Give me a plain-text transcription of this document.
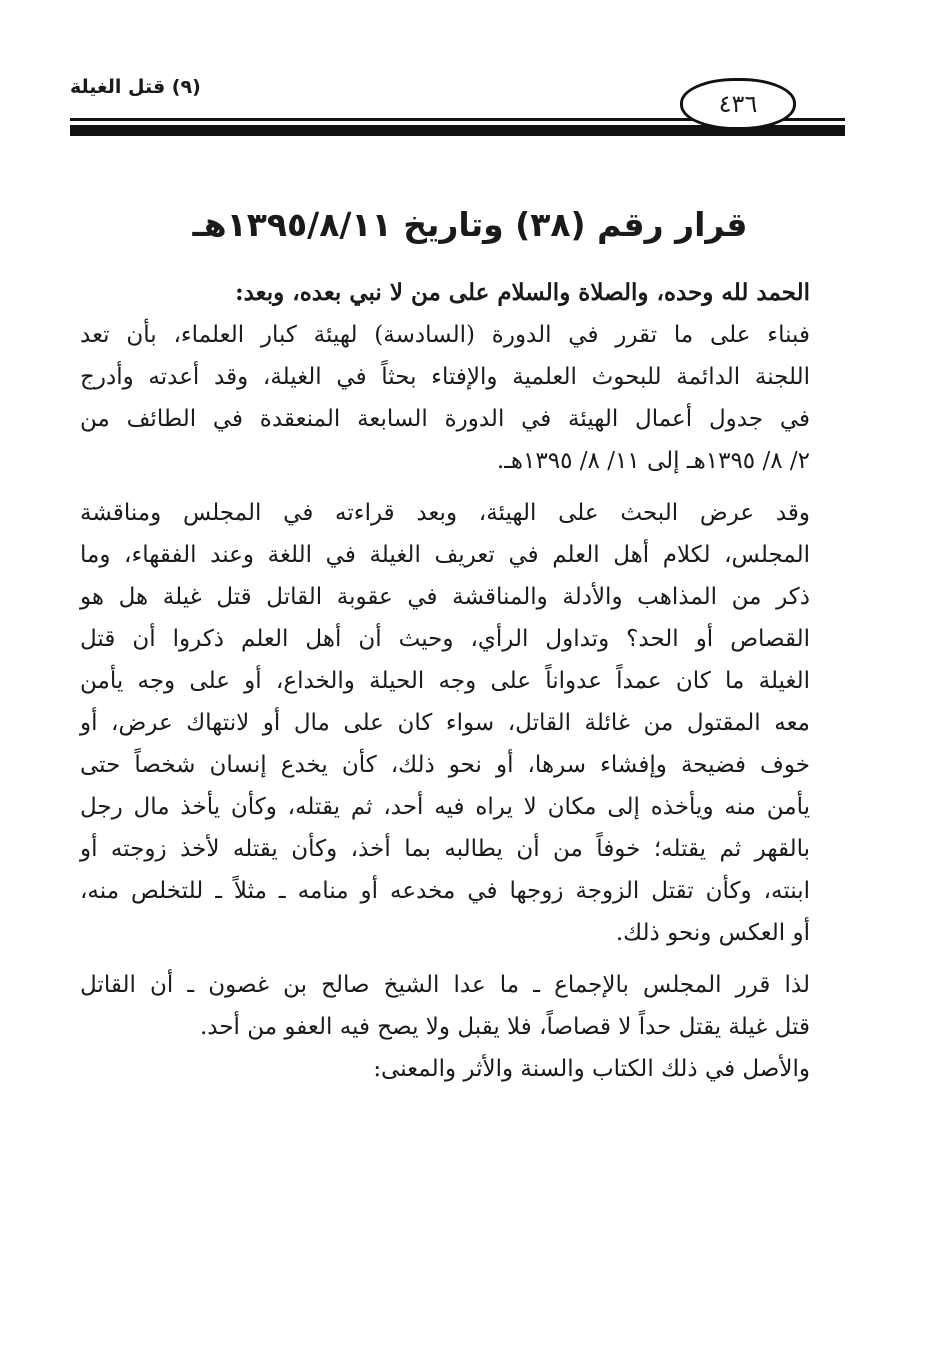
٤٣٦
(٩) قتل الغيلة
قرار رقم (٣٨) وتاريخ ١٣٩٥/٨/١١هـ
الحمد لله وحده، والصلاة والسلام على من لا نبي بعده، وبعد:
فبناء على ما تقرر في الدورة (السادسة) لهيئة كبار العلماء، بأن تعد
اللجنة الدائمة للبحوث العلمية والإفتاء بحثاً في الغيلة، وقد أعدته وأدرج
في جدول أعمال الهيئة في الدورة السابعة المنعقدة في الطائف من
٢/ ٨/ ١٣٩٥هـ إلى ١١/ ٨/ ١٣٩٥هـ.
وقد عرض البحث على الهيئة، وبعد قراءته في المجلس ومناقشة
المجلس، لكلام أهل العلم في تعريف الغيلة في اللغة وعند الفقهاء، وما
ذكر من المذاهب والأدلة والمناقشة في عقوبة القاتل قتل غيلة هل هو
القصاص أو الحد؟ وتداول الرأي، وحيث أن أهل العلم ذكروا أن قتل
الغيلة ما كان عمداً عدواناً على وجه الحيلة والخداع، أو على وجه يأمن
معه المقتول من غائلة القاتل، سواء كان على مال أو لانتهاك عرض، أو
خوف فضيحة وإفشاء سرها، أو نحو ذلك، كأن يخدع إنسان شخصاً حتى
يأمن منه ويأخذه إلى مكان لا يراه فيه أحد، ثم يقتله، وكأن يأخذ مال رجل
بالقهر ثم يقتله؛ خوفاً من أن يطالبه بما أخذ، وكأن يقتله لأخذ زوجته أو
ابنته، وكأن تقتل الزوجة زوجها في مخدعه أو منامه ـ مثلاً ـ للتخلص منه،
أو العكس ونحو ذلك.
لذا قرر المجلس بالإجماع ـ ما عدا الشيخ صالح بن غصون ـ أن القاتل
قتل غيلة يقتل حداً لا قصاصاً، فلا يقبل ولا يصح فيه العفو من أحد.
والأصل في ذلك الكتاب والسنة والأثر والمعنى:
